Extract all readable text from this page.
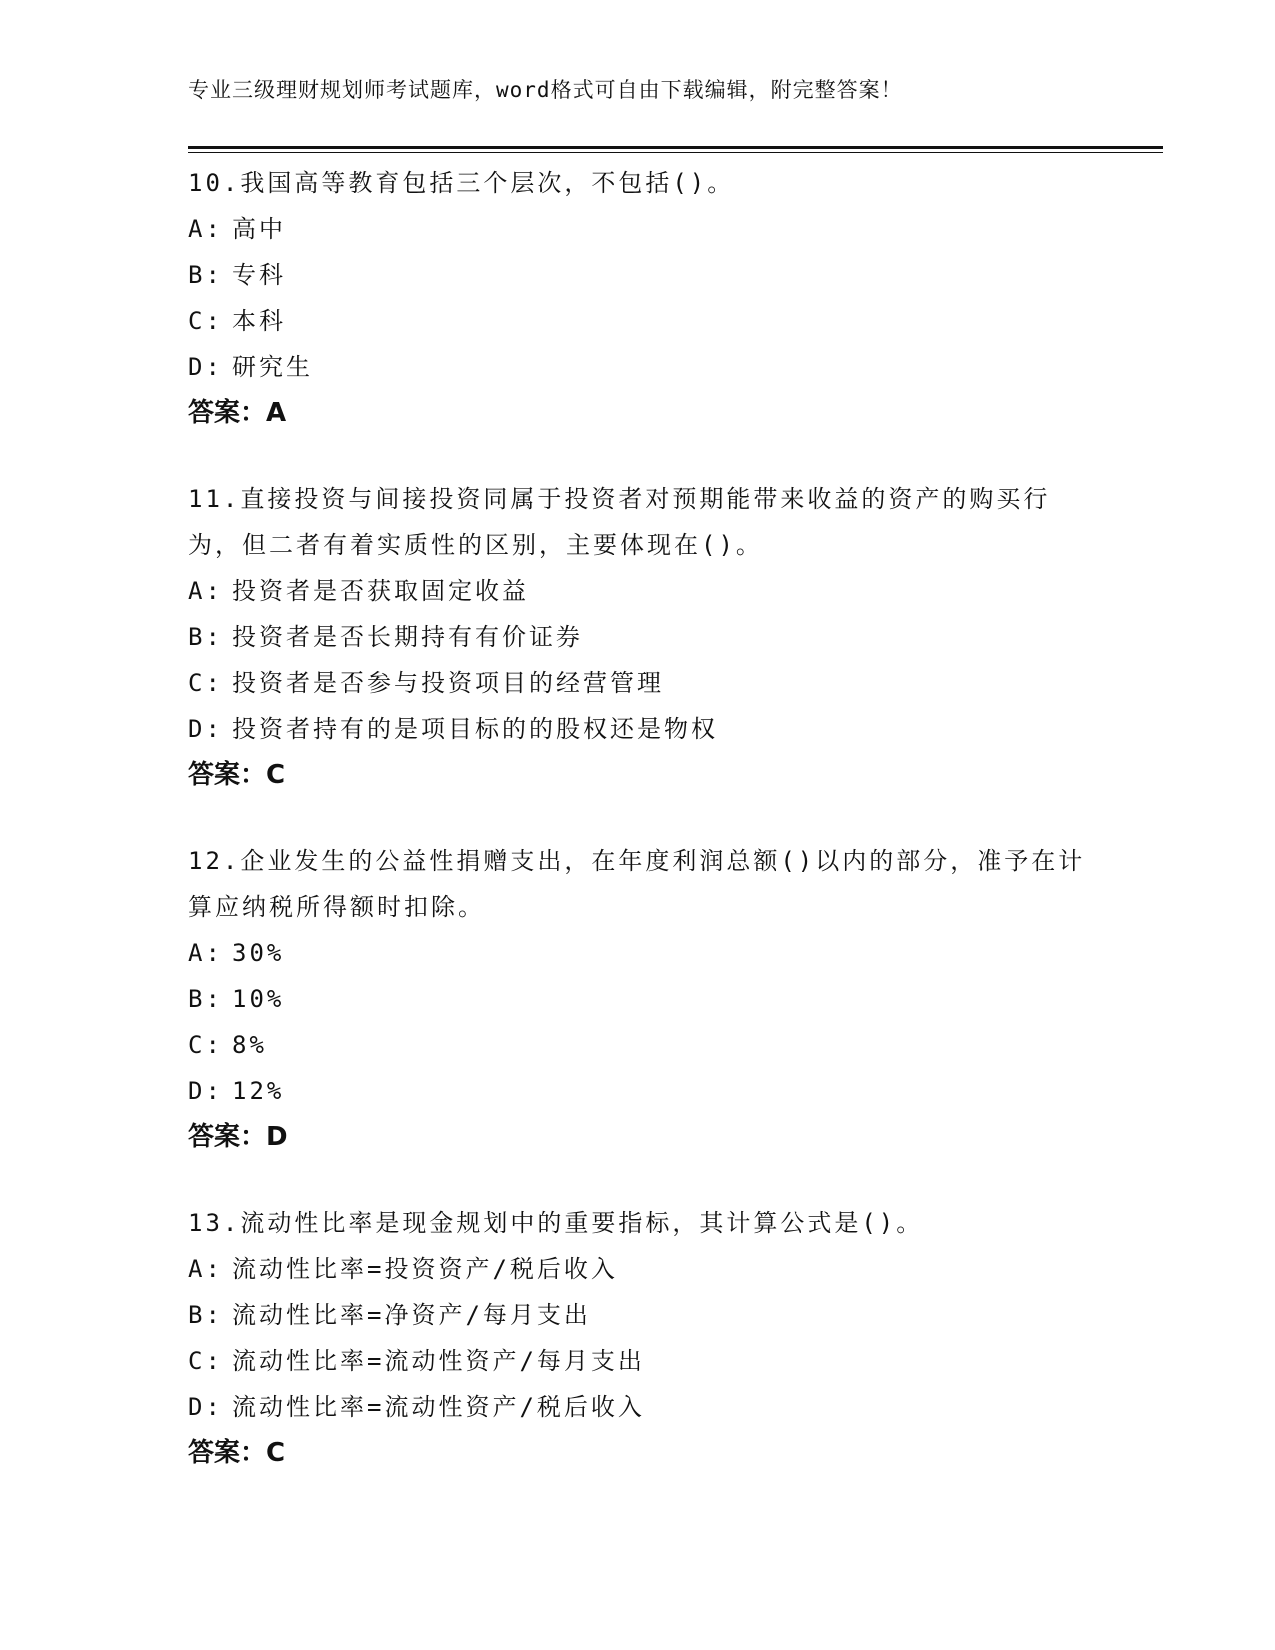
专业三级理财规划师考试题库，word格式可自由下载编辑，附完整答案！
10.我国高等教育包括三个层次，不包括()。
A: 高中
B: 专科
C: 本科
D: 研究生
答案：A
11.直接投资与间接投资同属于投资者对预期能带来收益的资产的购买行为，但二者有着实质性的区别，主要体现在()。
A: 投资者是否获取固定收益
B: 投资者是否长期持有有价证券
C: 投资者是否参与投资项目的经营管理
D: 投资者持有的是项目标的的股权还是物权
答案：C
12.企业发生的公益性捐赠支出，在年度利润总额()以内的部分，准予在计算应纳税所得额时扣除。
A: 30%
B: 10%
C: 8%
D: 12%
答案：D
13.流动性比率是现金规划中的重要指标，其计算公式是()。
A: 流动性比率=投资资产/税后收入
B: 流动性比率=净资产/每月支出
C: 流动性比率=流动性资产/每月支出
D: 流动性比率=流动性资产/税后收入
答案：C
